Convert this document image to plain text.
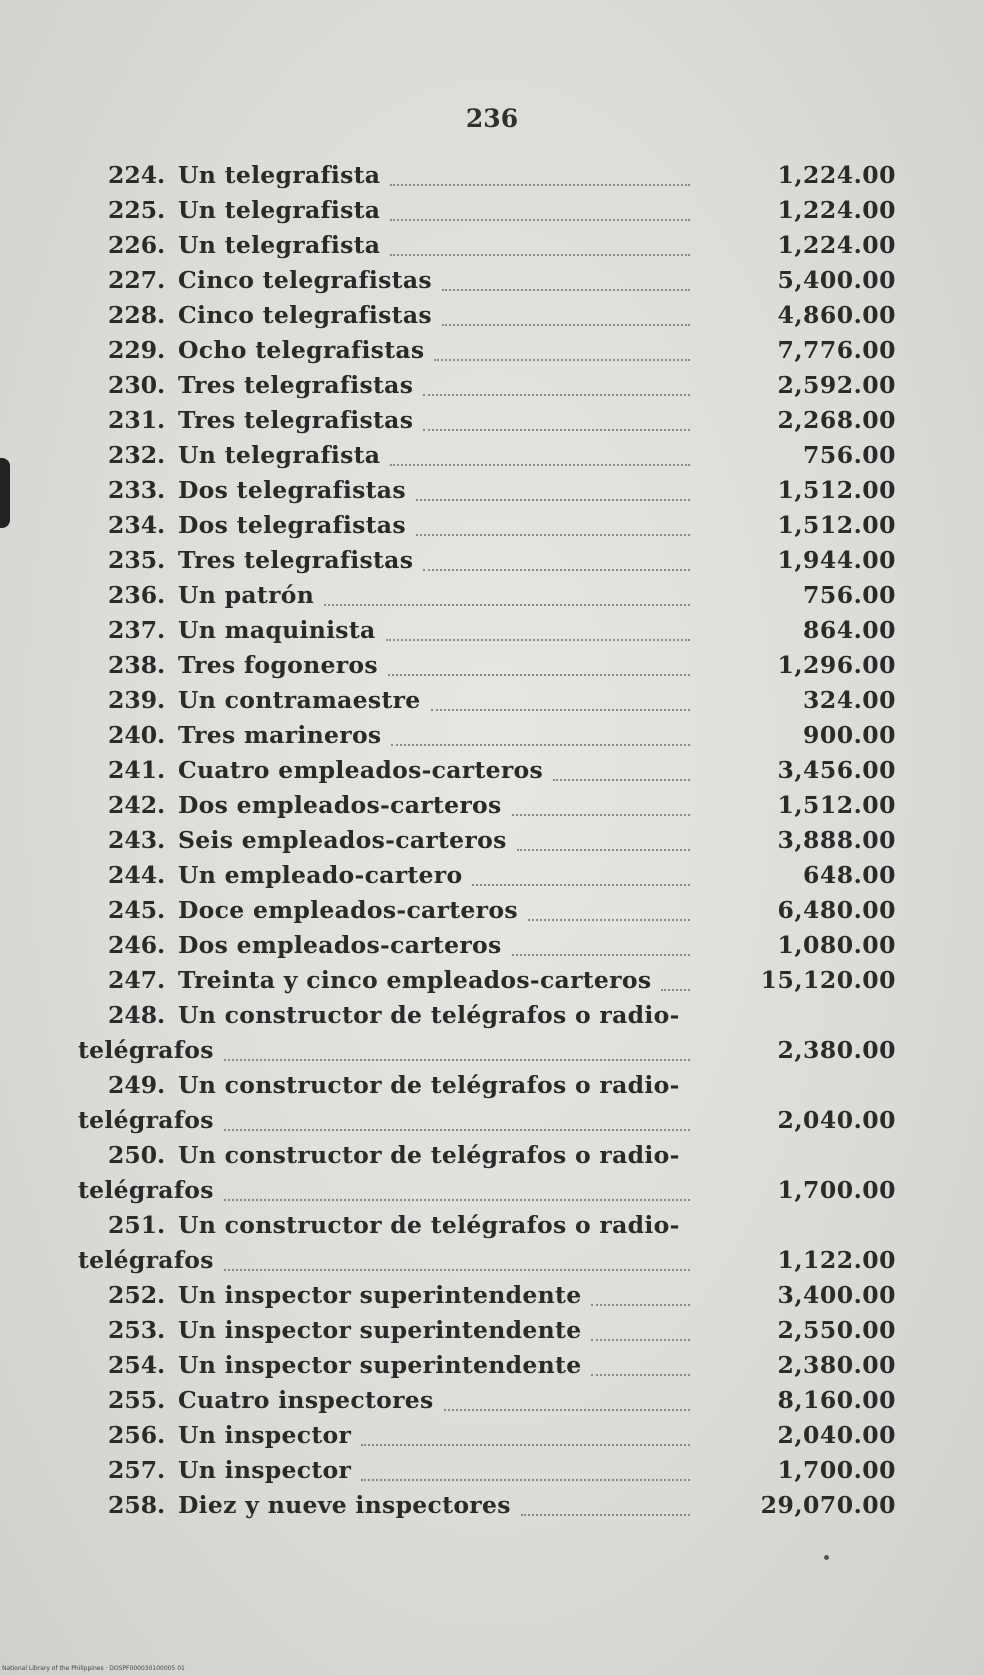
236
224. Un telegrafista	1,224.00
225. Un telegrafista	1,224.00
226. Un telegrafista	1,224.00
227. Cinco telegrafistas	5,400.00
228. Cinco telegrafistas	4,860.00
229. Ocho telegrafistas	7,776.00
230. Tres telegrafistas	2,592.00
231. Tres telegrafistas	2,268.00
232. Un telegrafista	756.00
233. Dos telegrafistas	1,512.00
234. Dos telegrafistas	1,512.00
235. Tres telegrafistas	1,944.00
236. Un patrón	756.00
237. Un maquinista	864.00
238. Tres fogoneros	1,296.00
239. Un contramaestre	324.00
240. Tres marineros	900.00
241. Cuatro empleados-carteros	3,456.00
242. Dos empleados-carteros	1,512.00
243. Seis empleados-carteros	3,888.00
244. Un empleado-cartero	648.00
245. Doce empleados-carteros	6,480.00
246. Dos empleados-carteros	1,080.00
247. Treinta y cinco empleados-carteros	15,120.00
248. Un constructor de telégrafos o radio-
telégrafos	2,380.00
249. Un constructor de telégrafos o radio-
telégrafos	2,040.00
250. Un constructor de telégrafos o radio-
telégrafos	1,700.00
251. Un constructor de telégrafos o radio-
telégrafos	1,122.00
252. Un inspector superintendente	3,400.00
253. Un inspector superintendente	2,550.00
254. Un inspector superintendente	2,380.00
255. Cuatro inspectores	8,160.00
256. Un inspector	2,040.00
257. Un inspector	1,700.00
258. Diez y nueve inspectores	29,070.00
National Library of the Philippines · DOSPF000030100005 01
